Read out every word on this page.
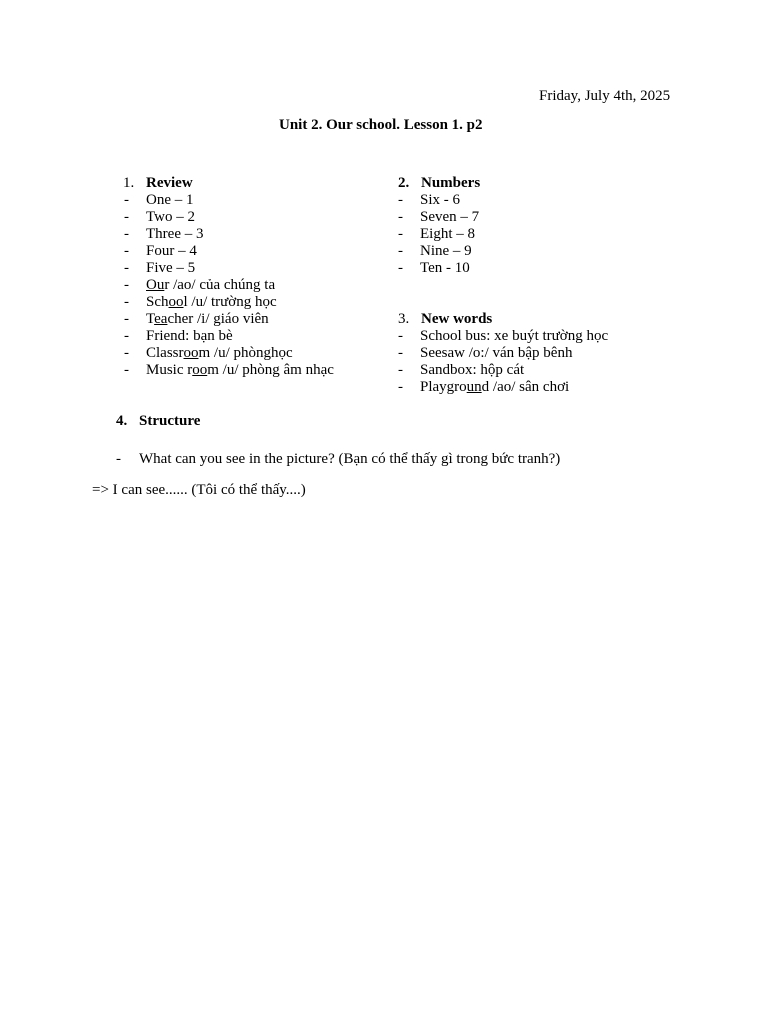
Friday, July 4th, 2025
Unit 2. Our school. Lesson 1. p2
1. Review
- One – 1
- Two – 2
- Three – 3
- Four – 4
- Five – 5
- Our /ao/ của chúng ta
- School /u/ trường học
- Teacher /i/ giáo viên
- Friend: bạn bè
- Classroom /u/ phònghọc
- Music room /u/ phòng âm nhạc
2. Numbers
- Six - 6
- Seven – 7
- Eight – 8
- Nine – 9
- Ten - 10
3. New words
- School bus: xe buýt trường học
- Seesaw /o:/ ván bập bênh
- Sandbox: hộp cát
- Playground /ao/ sân chơi
4. Structure
- What can you see in the picture? (Bạn có thể thấy gì trong bức tranh?)
=> I can see...... (Tôi có thể thấy....)
